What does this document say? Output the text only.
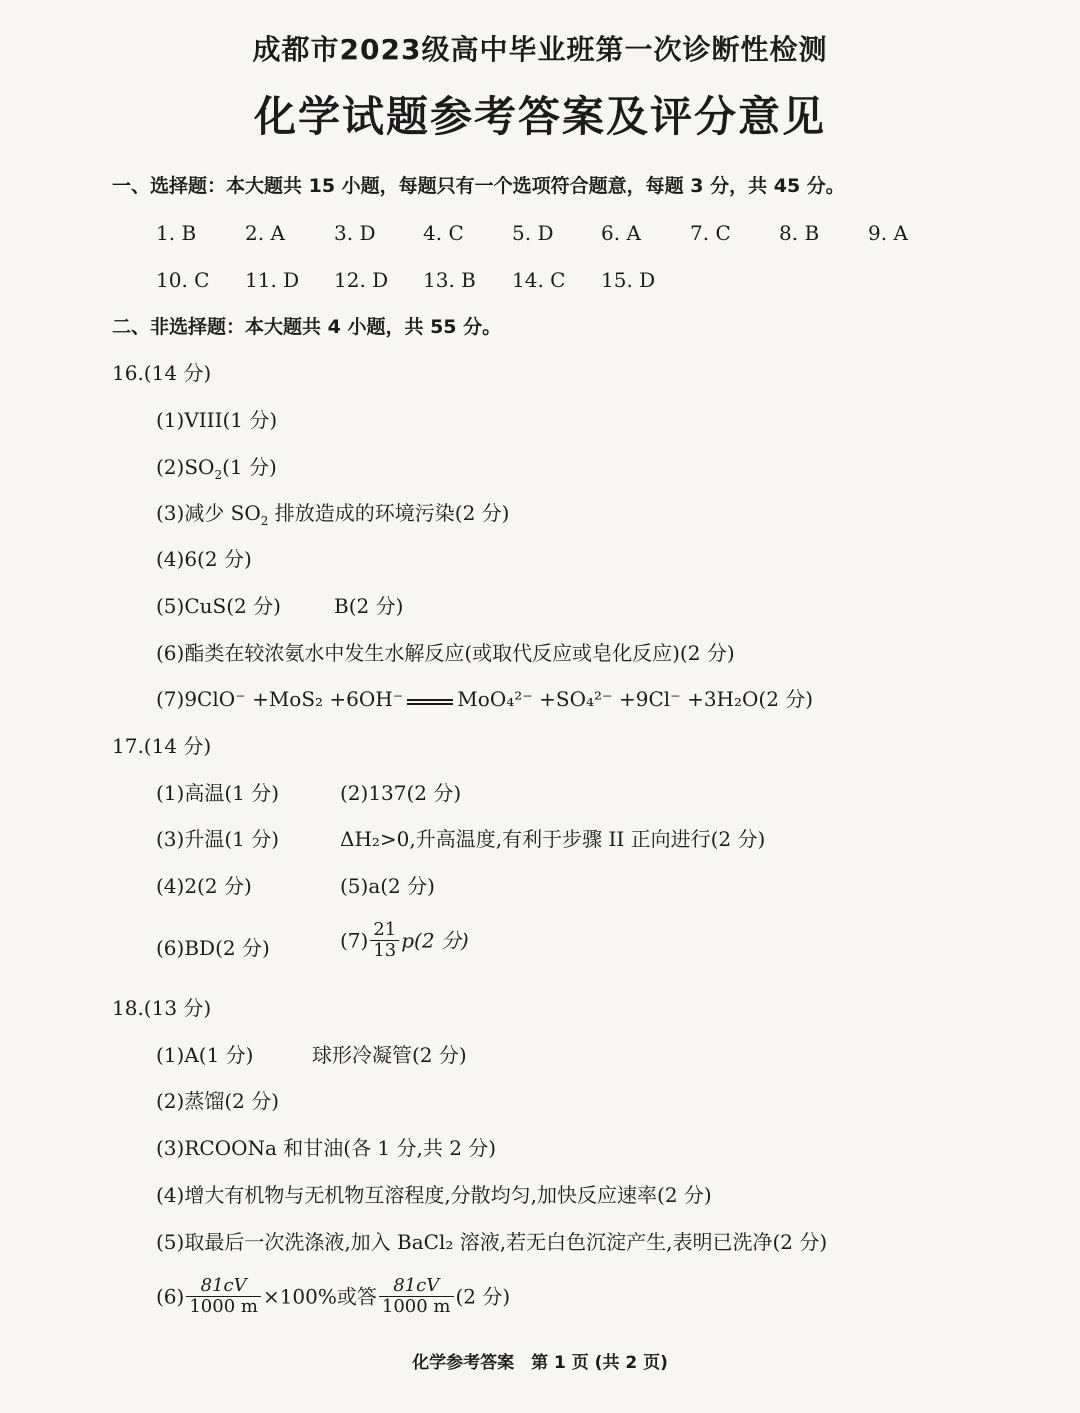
成都市2023级高中毕业班第一次诊断性检测
化学试题参考答案及评分意见
一、选择题：本大题共 15 小题，每题只有一个选项符合题意，每题 3 分，共 45 分。
1. B 2. A 3. D 4. C 5. D 6. A 7. C 8. B 9. A
10. C 11. D 12. D 13. B 14. C 15. D
二、非选择题：本大题共 4 小题，共 55 分。
16.(14 分)
(1)VIII(1 分)
$(2)SO_2(1$ 分)
(3)减少 $SO_2$ 排放造成的环境污染(2 分)
(4)6(2 分)
(5)CuS(2 分)	B(2 分)
(6)酯类在较浓氨水中发生水解反应(或取代反应或皂化反应)(2 分)
(7)9ClO⁻ +MoS₂ +6OH⁻	MoO₄²⁻ +SO₄²⁻ +9Cl⁻ +3H₂O(2 分)
17.(14 分)
(1)高温(1 分)	(2)137(2 分)
(3)升温(1 分)	ΔH₂>0,升高温度,有利于步骤 II 正向进行(2 分)
(4)2(2 分)	(5)a(2 分)
(6)BD(2 分)	$(7) \frac{21}{13} p(2$ 分)
18.(13 分)
(1)A(1 分)	球形冷凝管(2 分)
(2)蒸馏(2 分)
(3)RCOONa 和甘油(各 1 分,共 2 分)
(4)增大有机物与无机物互溶程度,分散均匀,加快反应速率(2 分)
(5)取最后一次洗涤液,加入 BaCl₂ 溶液,若无白色沉淀产生,表明已洗净(2 分)
$(6) \frac{81cV}{1000 m} \times 100\%$或答 $\frac{81cV}{1000 m} (2$ 分)
化学参考答案　第 1 页 (共 2 页)
